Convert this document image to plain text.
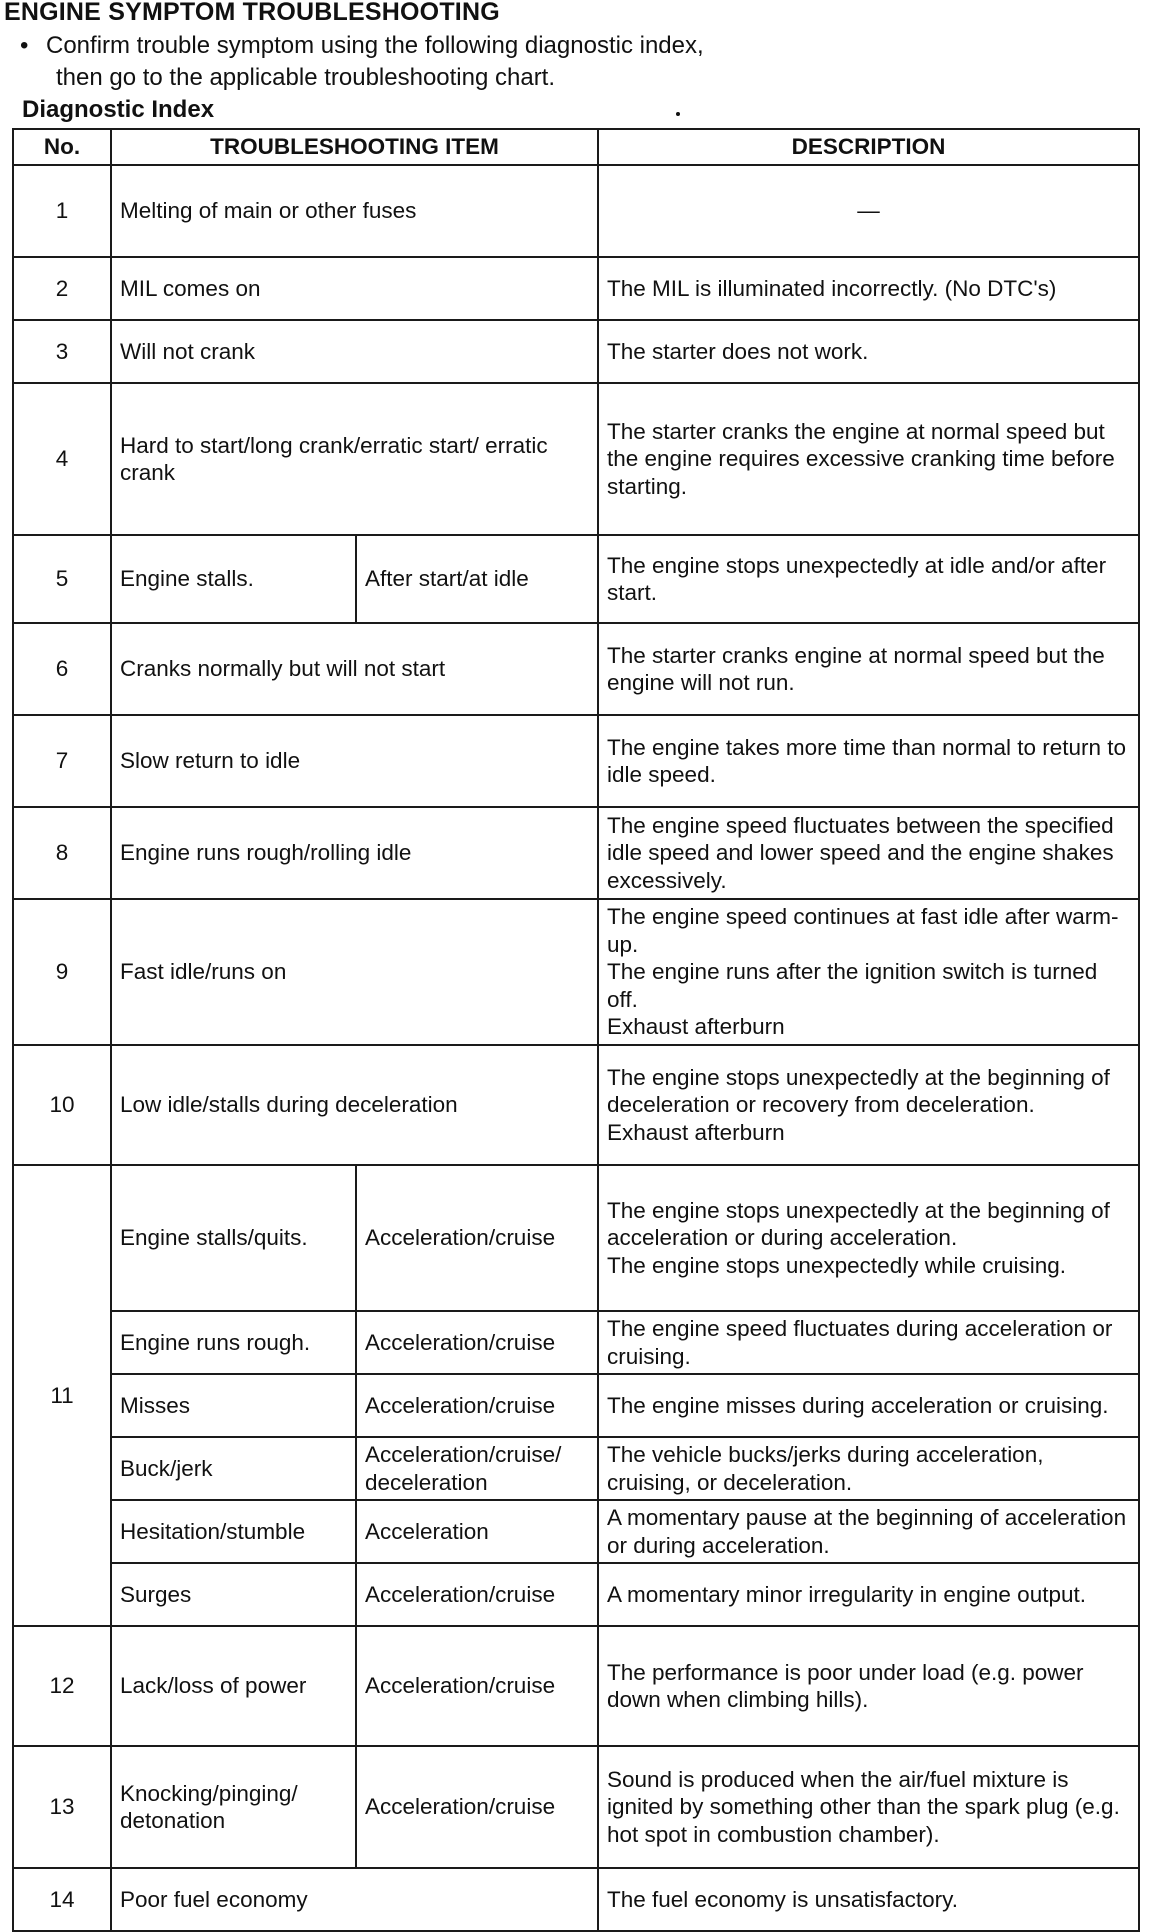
ENGINE SYMPTOM TROUBLESHOOTING
• Confirm trouble symptom using the following diagnostic index,
then go to the applicable troubleshooting chart.
Diagnostic Index
No.	TROUBLESHOOTING ITEM		DESCRIPTION
1	Melting of main or other fuses		—
2	MIL comes on		The MIL is illuminated incorrectly. (No DTC's)
3	Will not crank		The starter does not work.
4	Hard to start/long crank/erratic start/ erratic crank		The starter cranks the engine at normal speed but the engine requires excessive cranking time before starting.
5	Engine stalls.	After start/at idle	The engine stops unexpectedly at idle and/or after start.
6	Cranks normally but will not start		The starter cranks engine at normal speed but the engine will not run.
7	Slow return to idle		The engine takes more time than normal to return to idle speed.
8	Engine runs rough/rolling idle		The engine speed fluctuates between the specified idle speed and lower speed and the engine shakes excessively.
9	Fast idle/runs on		The engine speed continues at fast idle after warm-up.
The engine runs after the ignition switch is turned off.
Exhaust afterburn

10	Low idle/stalls during deceleration		The engine stops unexpectedly at the beginning of deceleration or recovery from deceleration.
Exhaust afterburn

11	Engine stalls/quits.	Acceleration/cruise	The engine stops unexpectedly at the beginning of acceleration or during acceleration.
The engine stops unexpectedly while cruising.

	Engine runs rough.	Acceleration/cruise	The engine speed fluctuates during acceleration or cruising.
	Misses	Acceleration/cruise	The engine misses during acceleration or cruising.
	Buck/jerk	Acceleration/cruise/ deceleration	The vehicle bucks/jerks during acceleration, cruising, or deceleration.
	Hesitation/stumble	Acceleration	A momentary pause at the beginning of acceleration or during acceleration.
	Surges	Acceleration/cruise	A momentary minor irregularity in engine output.
12	Lack/loss of power	Acceleration/cruise	The performance is poor under load (e.g. power down when climbing hills).
13	Knocking/pinging/ detonation	Acceleration/cruise	Sound is produced when the air/fuel mixture is ignited by something other than the spark plug (e.g. hot spot in combustion chamber).
14	Poor fuel economy		The fuel economy is unsatisfactory.
